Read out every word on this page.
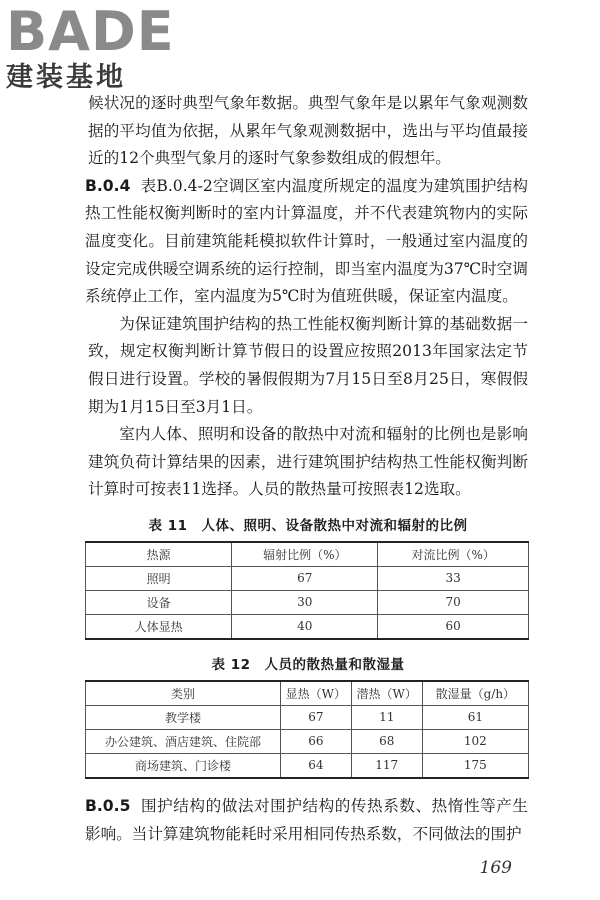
BADE
建装基地

候状况的逐时典型气象年数据。典型气象年是以累年气象观测数据的平均值为依据，从累年气象观测数据中，选出与平均值最接近的12个典型气象月的逐时气象参数组成的假想年。

B.0.4 表B.0.4-2空调区室内温度所规定的温度为建筑围护结构热工性能权衡判断时的室内计算温度，并不代表建筑物内的实际温度变化。目前建筑能耗模拟软件计算时，一般通过室内温度的设定完成供暖空调系统的运行控制，即当室内温度为37℃时空调系统停止工作，室内温度为5℃时为值班供暖，保证室内温度。

为保证建筑围护结构的热工性能权衡判断计算的基础数据一致，规定权衡判断计算节假日的设置应按照2013年国家法定节假日进行设置。学校的暑假假期为7月15日至8月25日，寒假假期为1月15日至3月1日。

室内人体、照明和设备的散热中对流和辐射的比例也是影响建筑负荷计算结果的因素，进行建筑围护结构热工性能权衡判断计算时可按表11选择。人员的散热量可按照表12选取。

表 11　人体、照明、设备散热中对流和辐射的比例
热源	辐射比例（%）	对流比例（%）
照明	67	33
设备	30	70
人体显热	40	60
表 12　人员的散热量和散湿量
类别	显热（W）	潜热（W）	散湿量（g/h）
教学楼	67	11	61
办公建筑、酒店建筑、住院部	66	68	102
商场建筑、门诊楼	64	117	175

B.0.5 围护结构的做法对围护结构的传热系数、热惰性等产生影响。当计算建筑物能耗时采用相同传热系数，不同做法的围护

169
